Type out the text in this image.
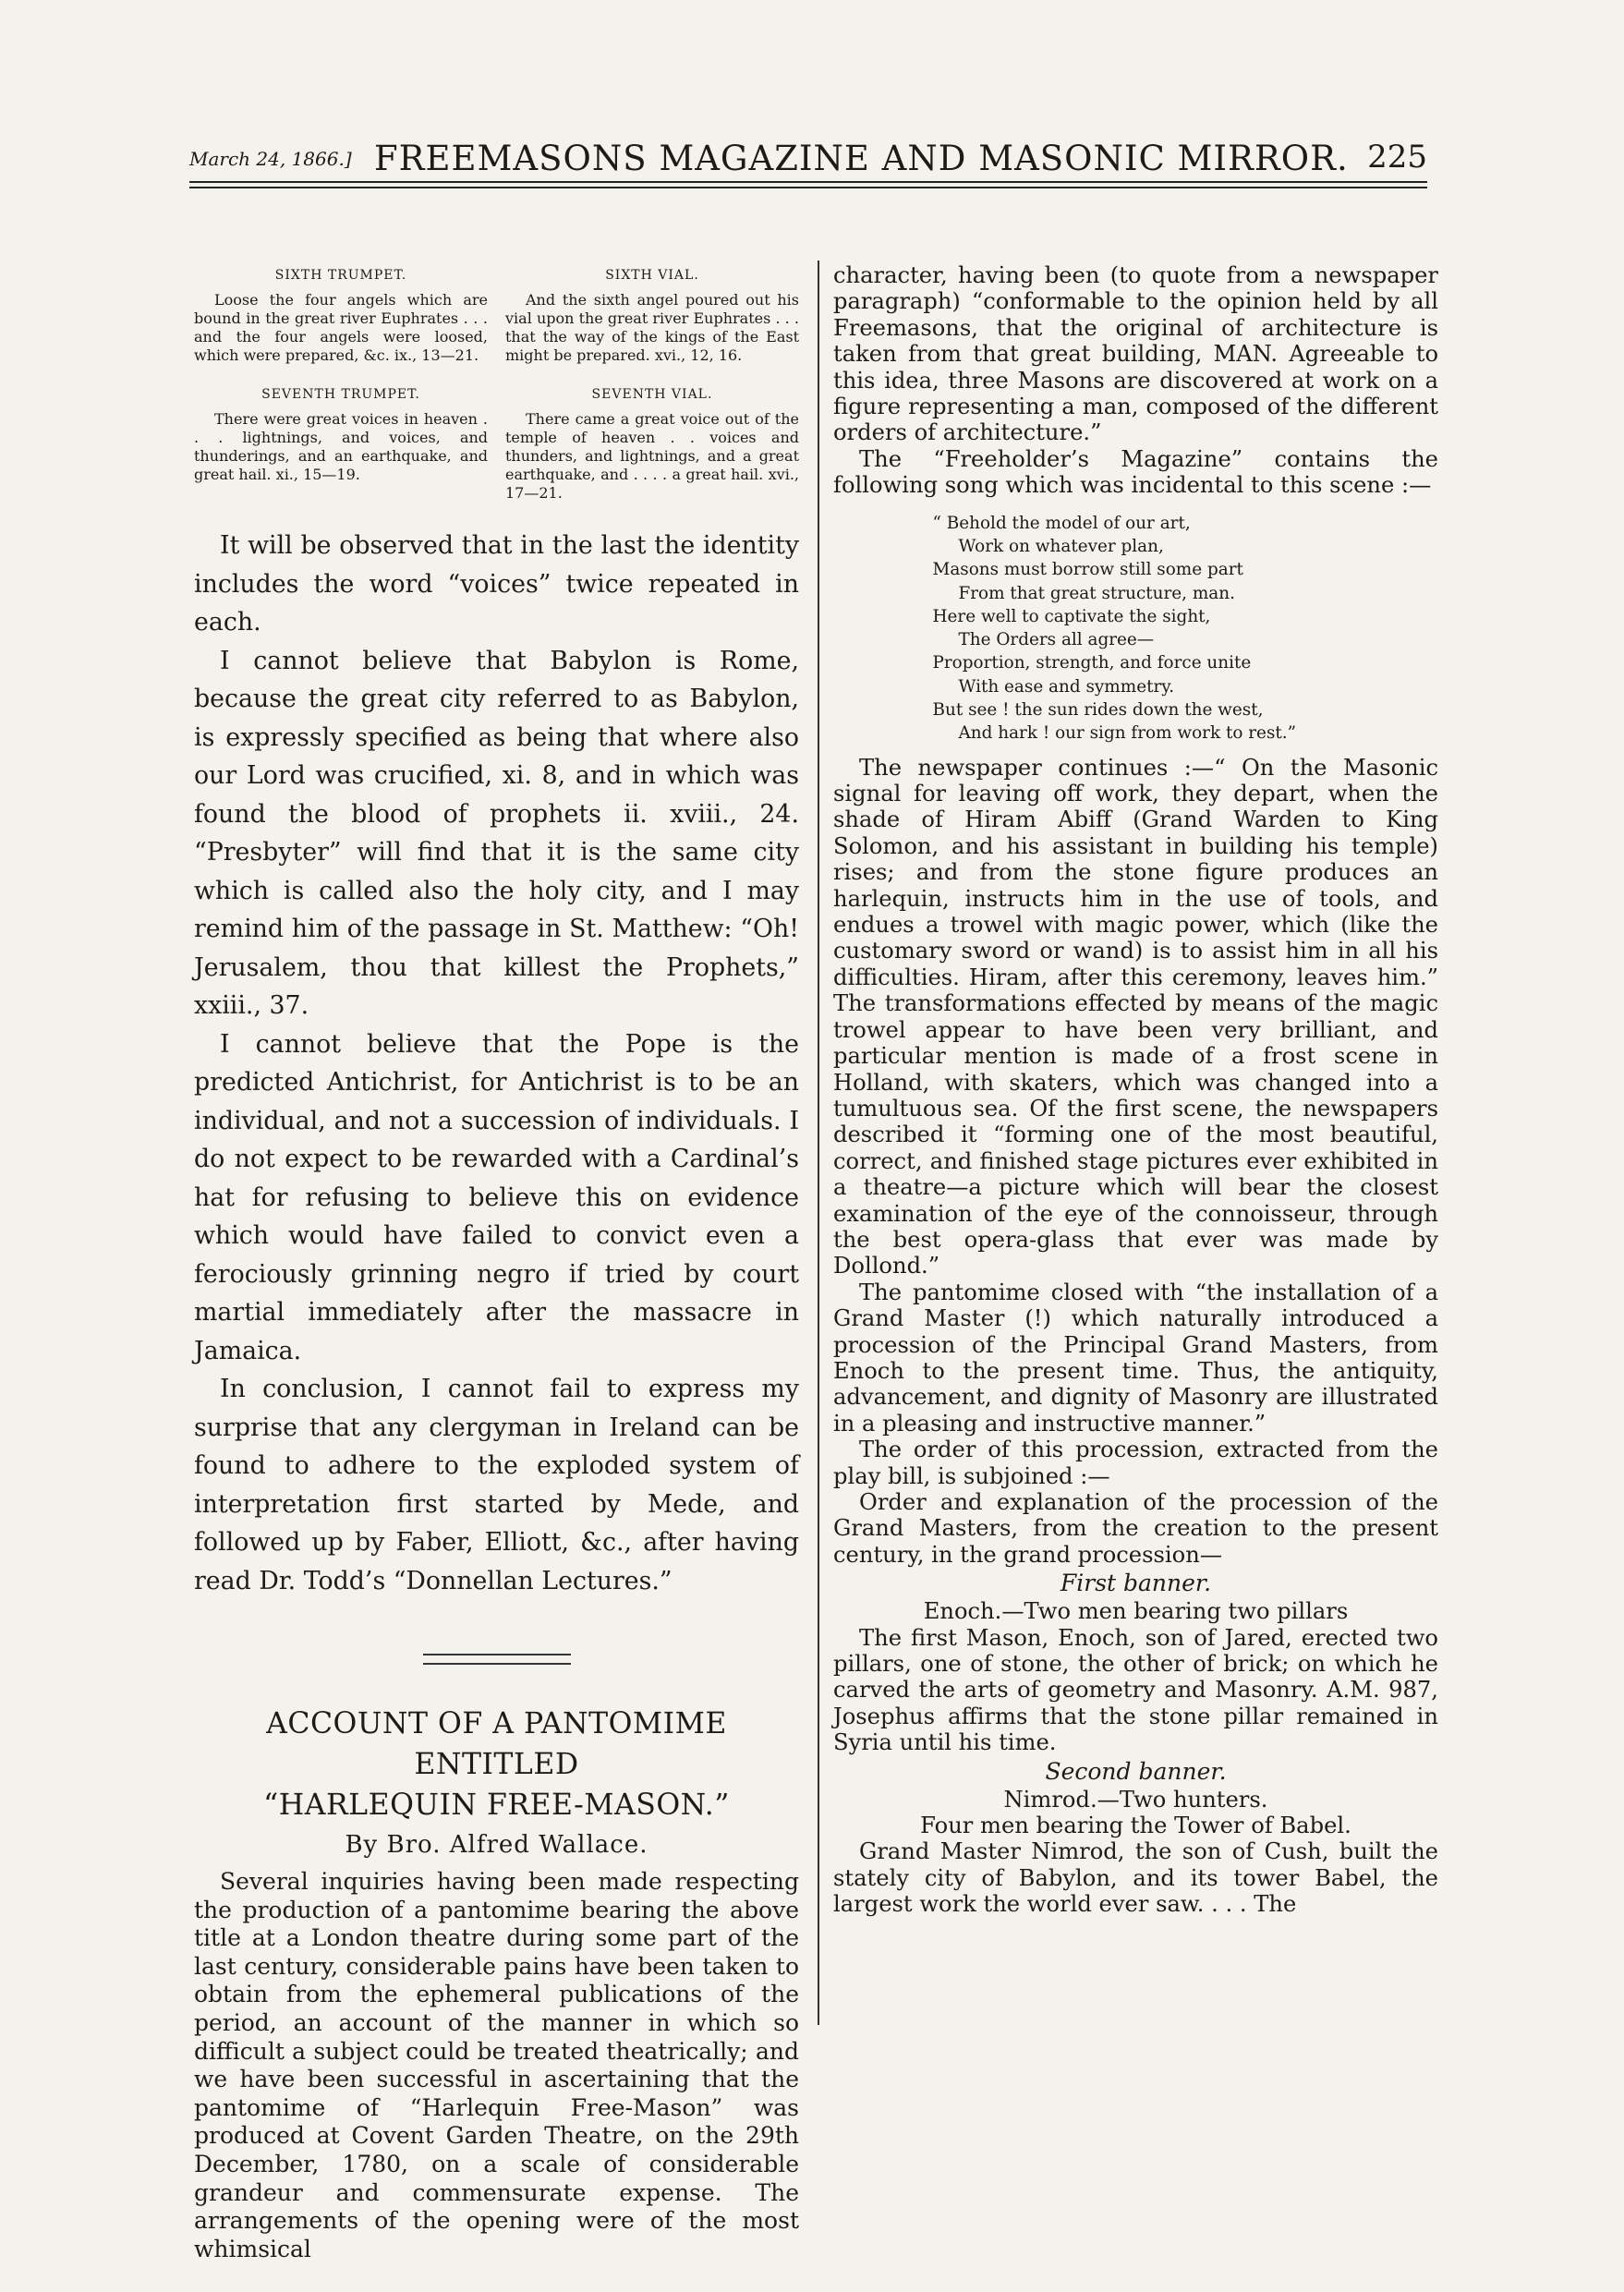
March 24, 1866.] FREEMASONS MAGAZINE AND MASONIC MIRROR. 225
SIXTH TRUMPET.
Loose the four angels which are bound in the great river Euphrates . . . and the four angels were loosed, which were prepared, &c. ix., 13—21.
SEVENTH TRUMPET.
There were great voices in heaven . . . lightnings, and voices, and thunderings, and an earthquake, and great hail. xi., 15—19.
SIXTH VIAL.
And the sixth angel poured out his vial upon the great river Euphrates . . . that the way of the kings of the East might be prepared. xvi., 12, 16.
SEVENTH VIAL.
There came a great voice out of the temple of heaven . . voices and thunders, and lightnings, and a great earthquake, and . . . . a great hail. xvi., 17—21.

It will be observed that in the last the identity includes the word “voices” twice repeated in each.

I cannot believe that Babylon is Rome, because the great city referred to as Babylon, is expressly specified as being that where also our Lord was crucified, xi. 8, and in which was found the blood of prophets ii. xviii., 24. “Presbyter” will find that it is the same city which is called also the holy city, and I may remind him of the passage in St. Matthew: “Oh! Jerusalem, thou that killest the Prophets,” xxiii., 37.

I cannot believe that the Pope is the predicted Antichrist, for Antichrist is to be an individual, and not a succession of individuals. I do not expect to be rewarded with a Cardinal’s hat for refusing to believe this on evidence which would have failed to convict even a ferociously grinning negro if tried by court martial immediately after the massacre in Jamaica.

In conclusion, I cannot fail to express my surprise that any clergyman in Ireland can be found to adhere to the exploded system of interpretation first started by Mede, and followed up by Faber, Elliott, &c., after having read Dr. Todd’s “Donnellan Lectures.”

ACCOUNT OF A PANTOMIME ENTITLED
“HARLEQUIN FREE-MASON.”
By Bro. Alfred Wallace.

Several inquiries having been made respecting the production of a pantomime bearing the above title at a London theatre during some part of the last century, considerable pains have been taken to obtain from the ephemeral publications of the period, an account of the manner in which so difficult a subject could be treated theatrically; and we have been successful in ascertaining that the pantomime of “Harlequin Free-Mason” was produced at Covent Garden Theatre, on the 29th December, 1780, on a scale of considerable grandeur and commensurate expense. The arrangements of the opening were of the most whimsical

character, having been (to quote from a newspaper paragraph) “conformable to the opinion held by all Freemasons, that the original of architecture is taken from that great building, MAN. Agreeable to this idea, three Masons are discovered at work on a figure representing a man, composed of the different orders of architecture.”

The “Freeholder’s Magazine” contains the following song which was incidental to this scene :—

“ Behold the model of our art,
Work on whatever plan,
Masons must borrow still some part
From that great structure, man.
Here well to captivate the sight,
The Orders all agree—
Proportion, strength, and force unite
With ease and symmetry.
But see ! the sun rides down the west,
And hark ! our sign from work to rest.”

The newspaper continues :—“ On the Masonic signal for leaving off work, they depart, when the shade of Hiram Abiff (Grand Warden to King Solomon, and his assistant in building his temple) rises; and from the stone figure produces an harlequin, instructs him in the use of tools, and endues a trowel with magic power, which (like the customary sword or wand) is to assist him in all his difficulties. Hiram, after this ceremony, leaves him.” The transformations effected by means of the magic trowel appear to have been very brilliant, and particular mention is made of a frost scene in Holland, with skaters, which was changed into a tumultuous sea. Of the first scene, the newspapers described it “forming one of the most beautiful, correct, and finished stage pictures ever exhibited in a theatre—a picture which will bear the closest examination of the eye of the connoisseur, through the best opera-glass that ever was made by Dollond.”

The pantomime closed with “the installation of a Grand Master (!) which naturally introduced a procession of the Principal Grand Masters, from Enoch to the present time. Thus, the antiquity, advancement, and dignity of Masonry are illustrated in a pleasing and instructive manner.”

The order of this procession, extracted from the play bill, is subjoined :—

Order and explanation of the procession of the Grand Masters, from the creation to the present century, in the grand procession—

First banner.

Enoch.—Two men bearing two pillars

The first Mason, Enoch, son of Jared, erected two pillars, one of stone, the other of brick; on which he carved the arts of geometry and Masonry. A.M. 987, Josephus affirms that the stone pillar remained in Syria until his time.

Second banner.

Nimrod.—Two hunters.

Four men bearing the Tower of Babel.

Grand Master Nimrod, the son of Cush, built the stately city of Babylon, and its tower Babel, the largest work the world ever saw. . . . The
